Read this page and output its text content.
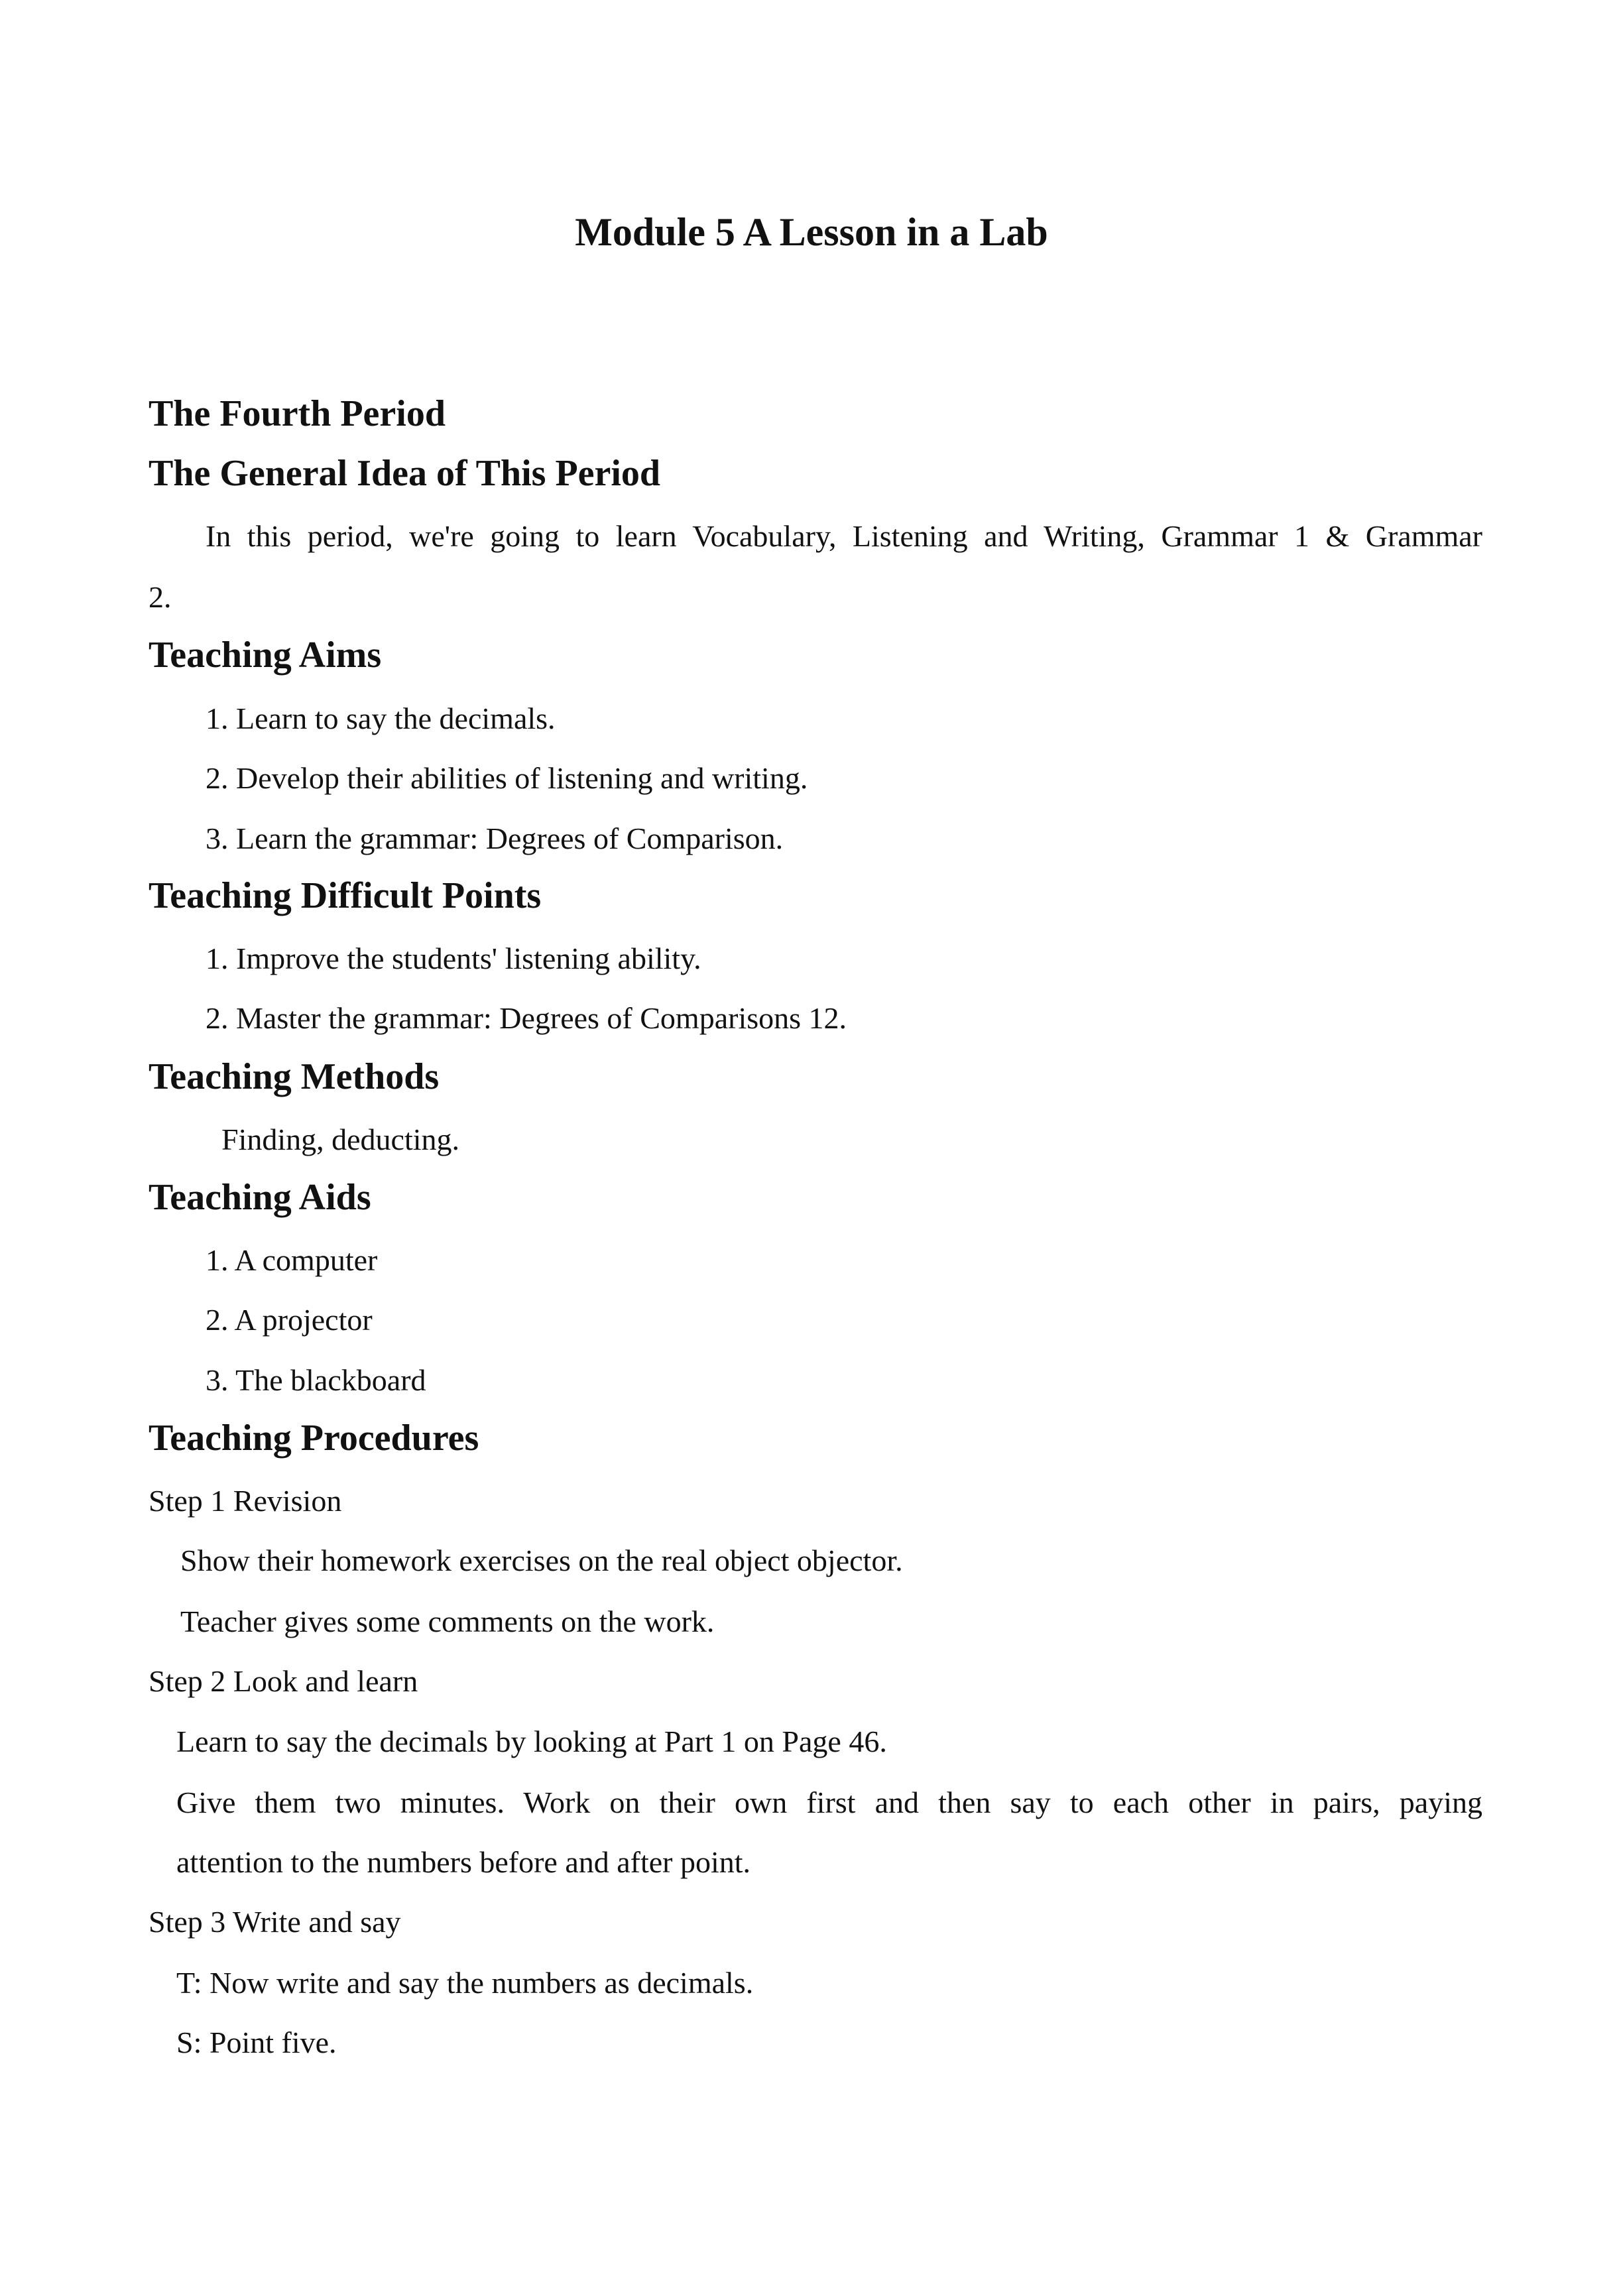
Module 5 A Lesson in a Lab
The Fourth Period
The General Idea of This Period
In this period, we're going to learn Vocabulary, Listening and Writing, Grammar 1 & Grammar
2.
Teaching Aims
1. Learn to say the decimals.
2. Develop their abilities of listening and writing.
3. Learn the grammar: Degrees of Comparison.
Teaching Difficult Points
1. Improve the students' listening ability.
2. Master the grammar: Degrees of Comparisons 12.
Teaching Methods
Finding, deducting.
Teaching Aids
1. A computer
2. A projector
3. The blackboard
Teaching Procedures
Step 1 Revision
Show their homework exercises on the real object objector.
Teacher gives some comments on the work.
Step 2 Look and learn
Learn to say the decimals by looking at Part 1 on Page 46.
Give them two minutes. Work on their own first and then say to each other in pairs, paying
attention to the numbers before and after point.
Step 3 Write and say
T: Now write and say the numbers as decimals.
S: Point five.
